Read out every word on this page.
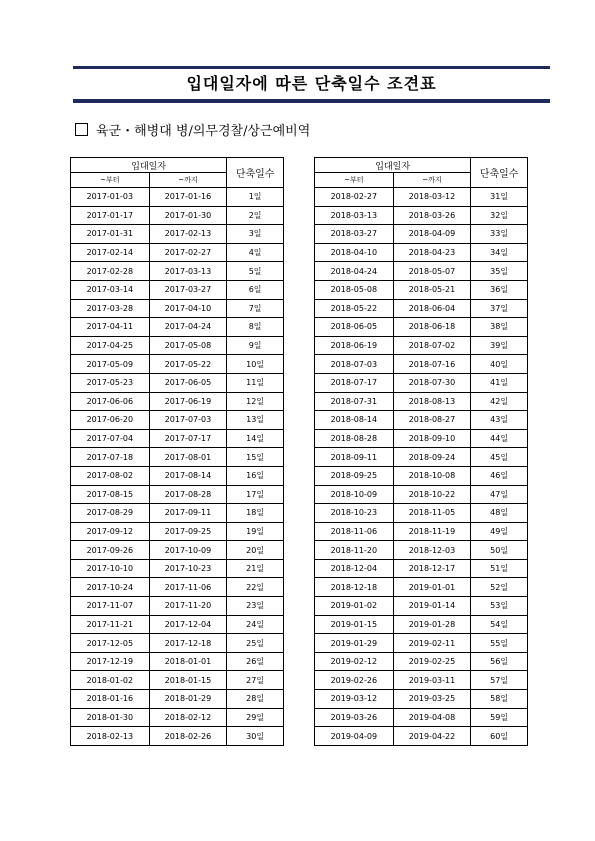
입대일자에 따른 단축일수 조견표
육군・해병대 병/의무경찰/상근예비역
입대일자		단축일수
~부터	~까지	
2017-01-03	2017-01-16	1일
2017-01-17	2017-01-30	2일
2017-01-31	2017-02-13	3일
2017-02-14	2017-02-27	4일
2017-02-28	2017-03-13	5일
2017-03-14	2017-03-27	6일
2017-03-28	2017-04-10	7일
2017-04-11	2017-04-24	8일
2017-04-25	2017-05-08	9일
2017-05-09	2017-05-22	10일
2017-05-23	2017-06-05	11일
2017-06-06	2017-06-19	12일
2017-06-20	2017-07-03	13일
2017-07-04	2017-07-17	14일
2017-07-18	2017-08-01	15일
2017-08-02	2017-08-14	16일
2017-08-15	2017-08-28	17일
2017-08-29	2017-09-11	18일
2017-09-12	2017-09-25	19일
2017-09-26	2017-10-09	20일
2017-10-10	2017-10-23	21일
2017-10-24	2017-11-06	22일
2017-11-07	2017-11-20	23일
2017-11-21	2017-12-04	24일
2017-12-05	2017-12-18	25일
2017-12-19	2018-01-01	26일
2018-01-02	2018-01-15	27일
2018-01-16	2018-01-29	28일
2018-01-30	2018-02-12	29일
2018-02-13	2018-02-26	30일
입대일자		단축일수
~부터	~까지	
2018-02-27	2018-03-12	31일
2018-03-13	2018-03-26	32일
2018-03-27	2018-04-09	33일
2018-04-10	2018-04-23	34일
2018-04-24	2018-05-07	35일
2018-05-08	2018-05-21	36일
2018-05-22	2018-06-04	37일
2018-06-05	2018-06-18	38일
2018-06-19	2018-07-02	39일
2018-07-03	2018-07-16	40일
2018-07-17	2018-07-30	41일
2018-07-31	2018-08-13	42일
2018-08-14	2018-08-27	43일
2018-08-28	2018-09-10	44일
2018-09-11	2018-09-24	45일
2018-09-25	2018-10-08	46일
2018-10-09	2018-10-22	47일
2018-10-23	2018-11-05	48일
2018-11-06	2018-11-19	49일
2018-11-20	2018-12-03	50일
2018-12-04	2018-12-17	51일
2018-12-18	2019-01-01	52일
2019-01-02	2019-01-14	53일
2019-01-15	2019-01-28	54일
2019-01-29	2019-02-11	55일
2019-02-12	2019-02-25	56일
2019-02-26	2019-03-11	57일
2019-03-12	2019-03-25	58일
2019-03-26	2019-04-08	59일
2019-04-09	2019-04-22	60일
